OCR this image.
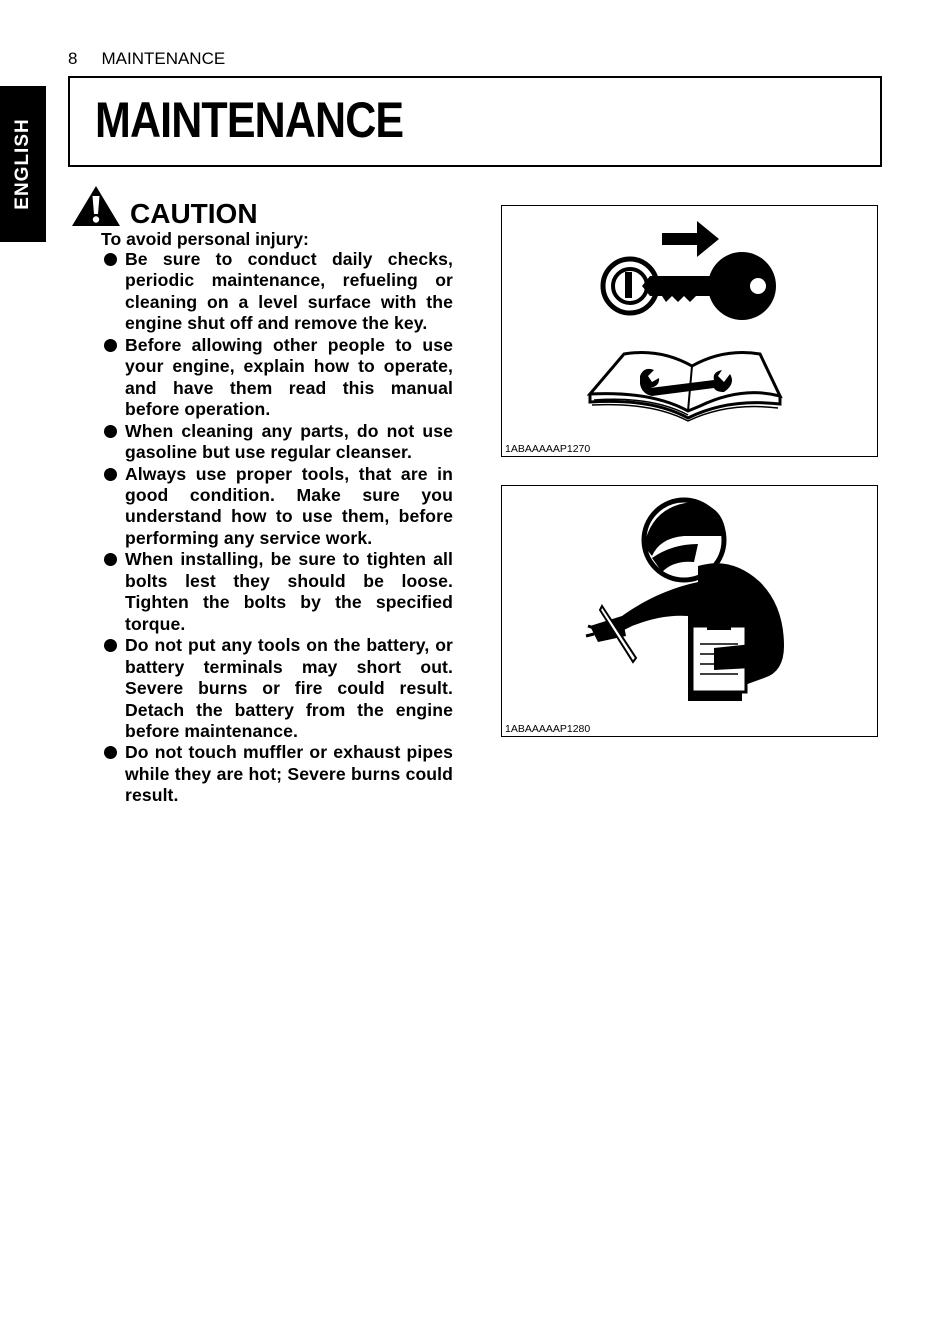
ENGLISH
8 MAINTENANCE
MAINTENANCE
CAUTION
To avoid personal injury:
Be sure to conduct daily checks, periodic maintenance, refueling or cleaning on a level surface with the engine shut off and remove the key.
Before allowing other people to use your engine, explain how to operate, and have them read this manual before operation.
When cleaning any parts, do not use gasoline but use regular cleanser.
Always use proper tools, that are in good condition. Make sure you understand how to use them, before performing any service work.
When installing, be sure to tighten all bolts lest they should be loose. Tighten the bolts by the specified torque.
Do not put any tools on the battery, or battery terminals may short out. Severe burns or fire could result. Detach the battery from the engine before maintenance.
Do not touch muffler or exhaust pipes while they are hot; Severe burns could result.
1ABAAAAAP1270
1ABAAAAAP1280
